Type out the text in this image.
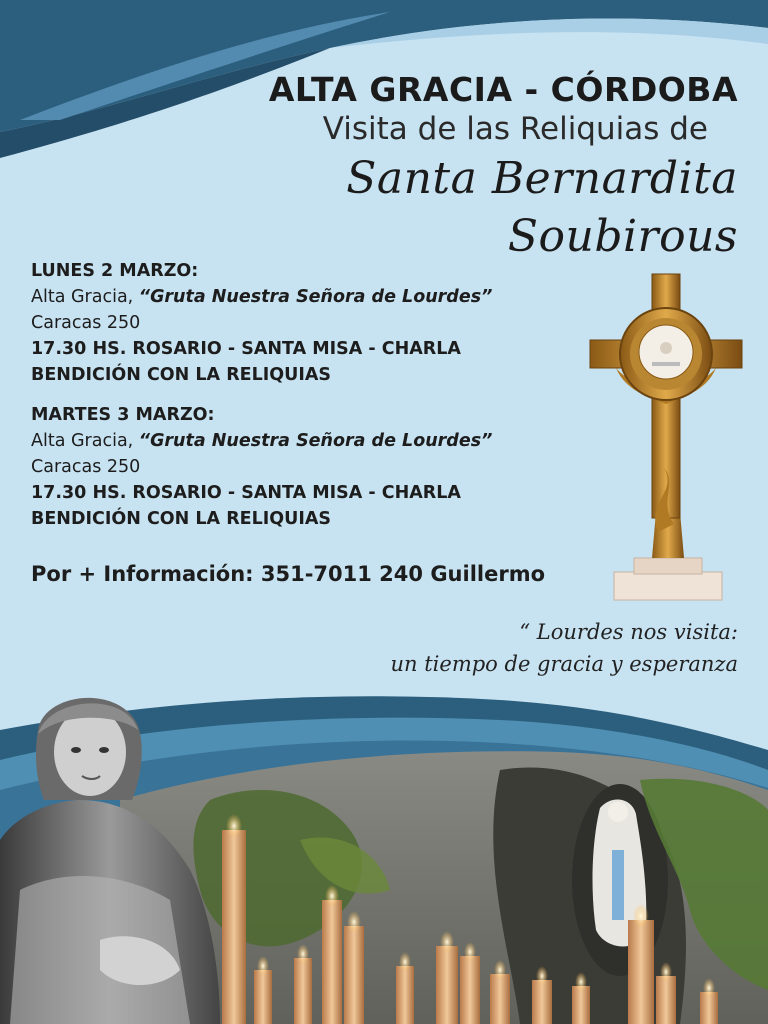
ALTA GRACIA - CÓRDOBA
Visita de las Reliquias de
Santa Bernardita Soubirous
LUNES 2 MARZO:
Alta Gracia, “Gruta Nuestra Señora de Lourdes”
Caracas 250
17.30 HS. ROSARIO - SANTA MISA - CHARLA
BENDICIÓN CON LA RELIQUIAS
MARTES 3 MARZO:
Alta Gracia, “Gruta Nuestra Señora de Lourdes”
Caracas 250
17.30 HS. ROSARIO - SANTA MISA - CHARLA
BENDICIÓN CON LA RELIQUIAS
Por + Información: 351-7011 240 Guillermo
“ Lourdes nos visita:
un tiempo de gracia y esperanza
